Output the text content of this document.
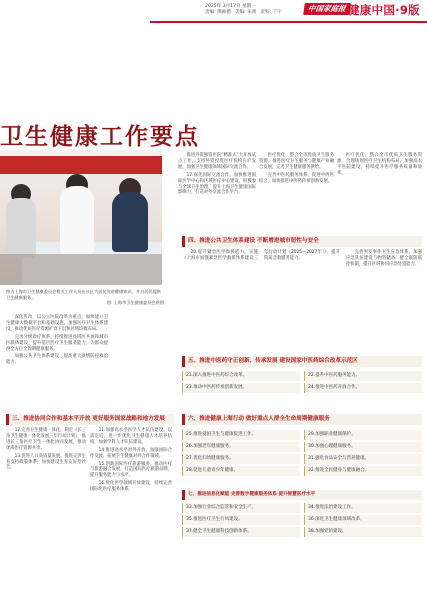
2025年 3月17日 星期一
责编: 熊师德 美编: 朱蕾 责校: 丁宇	中国家庭报 健康中国·9版
卫生健康工作要点
图为上海市卫生健康委员会相关工作人员在社区为居民宣讲健康知识，并为居民提供卫生健康服务。
图: 上海市卫生健康委员会供图

深化医改，以公立医院改革为重点，加快建立卫生健康大数据平台和基础设施，加强医疗卫生体系建设，推动优质医疗资源扩容下沉和区域均衡布局。

完善分级诊疗体系，持续推进县域医共体和城市医联体建设，提升基层医疗卫生服务能力，为群众提供全方位全周期健康服务。

加强公共卫生体系建设，提高重大疫情防控救治能力。

三、推进协同合作和基本平开放 更好服务国家战略和地方发展

12.完善卫生健康一体化。制定《长三角卫生健康一体化发展三年行动计划》，推进长三角医疗卫生一体化协同发展，推动优质医疗资源共享。

13.促进人口高质量发展。推进完善生育支持政策体系，加快建设生育友好型社会。

11.加强高水平医学人才队伍建设。以需定培，进一步优化卫生健康人才培养结构，加强学科人才队伍建设。

14.推进高水平对外开放。加强国际合作交流，拓展卫生健康对外合作领域。

15.创新国际医疗旅游服务。推动医疗与旅游融合发展，打造国际医疗旅游品牌，提升服务能力与水平。

16.优化医学领域开放建设，持续完善国际化医疗服务体系。

推进外资独资医院“精准式”大开放试点工作，支持外资投资医疗机构在沪发展，加强卫生健康领域国际交流合作。

17.深化国际交流合作。加快推进国际医学中心和区域医疗中心建设，积极参与全球卫生治理，提升上海卫生健康国际影响力，打造对外交流合作平台。

医疗优化，整合全市优质卫生服务资源，推进医疗卫生服务与健康产业融合发展，完善卫生健康服务供给。

完善中医药服务体系，促进中西医结合，加快推进中医药传承创新发展。

医疗优化，整合全市优质卫生服务资源，合理规划医疗卫生机构布局，加强高水平医院建设，持续提升医疗服务质量和效率。

四、推进公共卫生体系建设 不断增进城市韧性与安全

20.提升紧急医学救援能力。实施《上海市加强紧急医学救援体系建设三年行动计划（2025—2027年）》，提升院前急救服务能力。

完善突发事件卫生应急体系，加强应急队伍建设与物资储备，健全联防联控机制，提升区域协同应急处置能力。

五、推进中医药守正创新、传承发展 建设国家中医药综合改革示范区
21.深入推进中医药综合改革。	22.提升中医药服务能力。
23.推动中医药传承创新发展。	24.推进中医药开放合作。
六、推进健康上海行动 做好重点人群全生命周期健康服务
25.推进爱国卫生与健康促进工作。	29.加强职业健康保护。
26.加强老年健康服务。	30.加强心理健康服务。
27.优化妇幼健康服务。	31.强化食品安全与营养健康。
28.促进儿童青少年健康。	32.推进全民健身与健康融合。
七、推进信息化赋能 完善数字健康服务体系 提升智慧医疗水平
33.加强行业综合监管和安全生产。	34.推进法治建设工作。
35.推进医疗卫生行风建设。	36.深化卫生健康领域改革。
37.健全卫生健康科技创新体系。	38.加强党的建设。
